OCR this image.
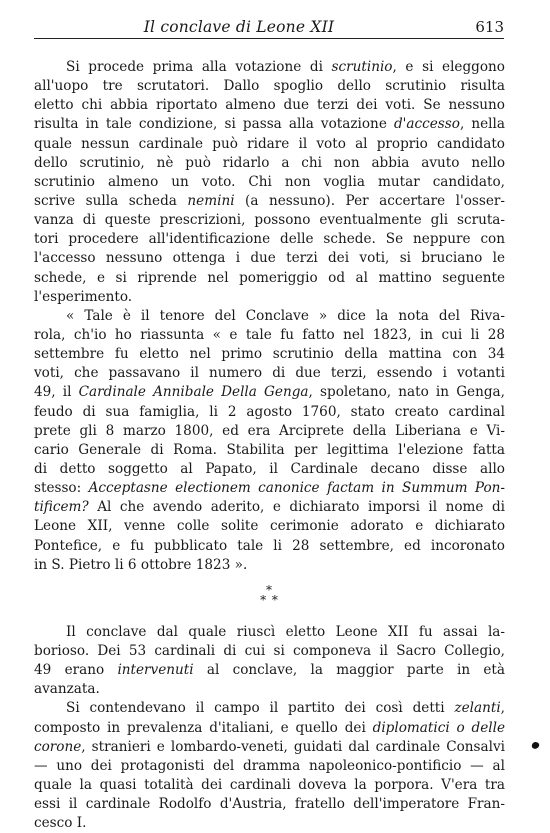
Il conclave di Leone XII	613
Si procede prima alla votazione di scrutinio, e si eleggono
all'uopo tre scrutatori. Dallo spoglio dello scrutinio risulta
eletto chi abbia riportato almeno due terzi dei voti. Se nessuno
risulta in tale condizione, si passa alla votazione d'accesso, nella
quale nessun cardinale può ridare il voto al proprio candidato
dello scrutinio, nè può ridarlo a chi non abbia avuto nello
scrutinio almeno un voto. Chi non voglia mutar candidato,
scrive sulla scheda nemini (a nessuno). Per accertare l'osser-
vanza di queste prescrizioni, possono eventualmente gli scruta-
tori procedere all'identificazione delle schede. Se neppure con
l'accesso nessuno ottenga i due terzi dei voti, si bruciano le
schede, e si riprende nel pomeriggio od al mattino seguente
l'esperimento.
« Tale è il tenore del Conclave » dice la nota del Riva-
rola, ch'io ho riassunta « e tale fu fatto nel 1823, in cui li 28
settembre fu eletto nel primo scrutinio della mattina con 34
voti, che passavano il numero di due terzi, essendo i votanti
49, il Cardinale Annibale Della Genga, spoletano, nato in Genga,
feudo di sua famiglia, li 2 agosto 1760, stato creato cardinal
prete gli 8 marzo 1800, ed era Arciprete della Liberiana e Vi-
cario Generale di Roma. Stabilita per legittima l'elezione fatta
di detto soggetto al Papato, il Cardinale decano disse allo
stesso: Acceptasne electionem canonice factam in Summum Pon-
tificem? Al che avendo aderito, e dichiarato imporsi il nome di
Leone XII, venne colle solite cerimonie adorato e dichiarato
Pontefice, e fu pubblicato tale li 28 settembre, ed incoronato
in S. Pietro li 6 ottobre 1823 ».
*
* *
Il conclave dal quale riuscì eletto Leone XII fu assai la-
borioso. Dei 53 cardinali di cui si componeva il Sacro Collegio,
49 erano intervenuti al conclave, la maggior parte in età
avanzata.
Si contendevano il campo il partito dei così detti zelanti,
composto in prevalenza d'italiani, e quello dei diplomatici o delle
corone, stranieri e lombardo-veneti, guidati dal cardinale Consalvi
— uno dei protagonisti del dramma napoleonico-pontificio — al
quale la quasi totalità dei cardinali doveva la porpora. V'era tra
essi il cardinale Rodolfo d'Austria, fratello dell'imperatore Fran-
cesco I.
